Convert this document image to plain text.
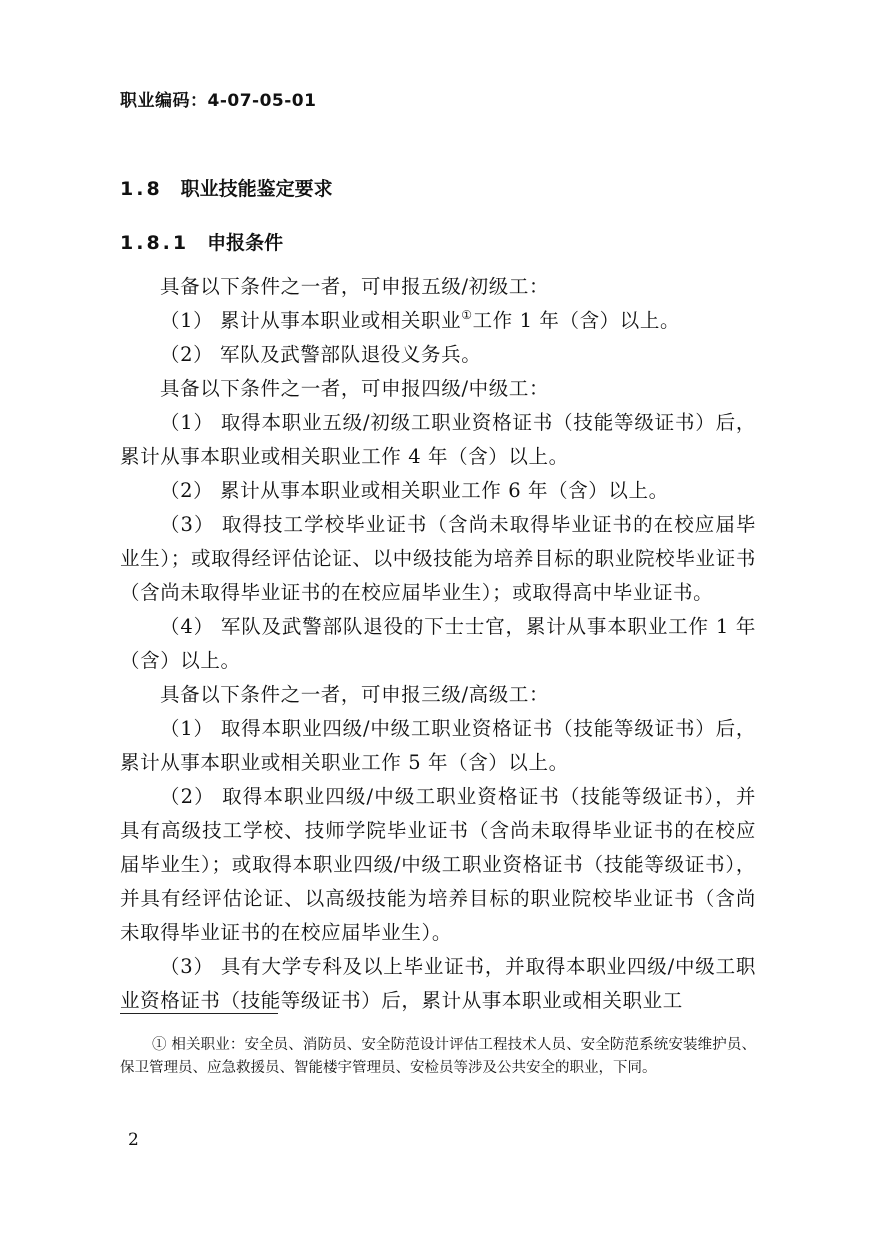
职业编码：4-07-05-01
1.8 职业技能鉴定要求
1.8.1 申报条件

具备以下条件之一者，可申报五级/初级工：

（1） 累计从事本职业或相关职业①工作 1 年（含）以上。

（2） 军队及武警部队退役义务兵。

具备以下条件之一者，可申报四级/中级工：

（1） 取得本职业五级/初级工职业资格证书（技能等级证书）后，累计从事本职业或相关职业工作 4 年（含）以上。

（2） 累计从事本职业或相关职业工作 6 年（含）以上。

（3） 取得技工学校毕业证书（含尚未取得毕业证书的在校应届毕业生）；或取得经评估论证、以中级技能为培养目标的职业院校毕业证书（含尚未取得毕业证书的在校应届毕业生）；或取得高中毕业证书。

（4） 军队及武警部队退役的下士士官，累计从事本职业工作 1 年（含）以上。

具备以下条件之一者，可申报三级/高级工：

（1） 取得本职业四级/中级工职业资格证书（技能等级证书）后，累计从事本职业或相关职业工作 5 年（含）以上。

（2） 取得本职业四级/中级工职业资格证书（技能等级证书），并具有高级技工学校、技师学院毕业证书（含尚未取得毕业证书的在校应届毕业生）；或取得本职业四级/中级工职业资格证书（技能等级证书），并具有经评估论证、以高级技能为培养目标的职业院校毕业证书（含尚未取得毕业证书的在校应届毕业生）。

（3） 具有大学专科及以上毕业证书，并取得本职业四级/中级工职业资格证书（技能等级证书）后，累计从事本职业或相关职业工

① 相关职业：安全员、消防员、安全防范设计评估工程技术人员、安全防范系统安装维护员、保卫管理员、应急救援员、智能楼宇管理员、安检员等涉及公共安全的职业，下同。

2
